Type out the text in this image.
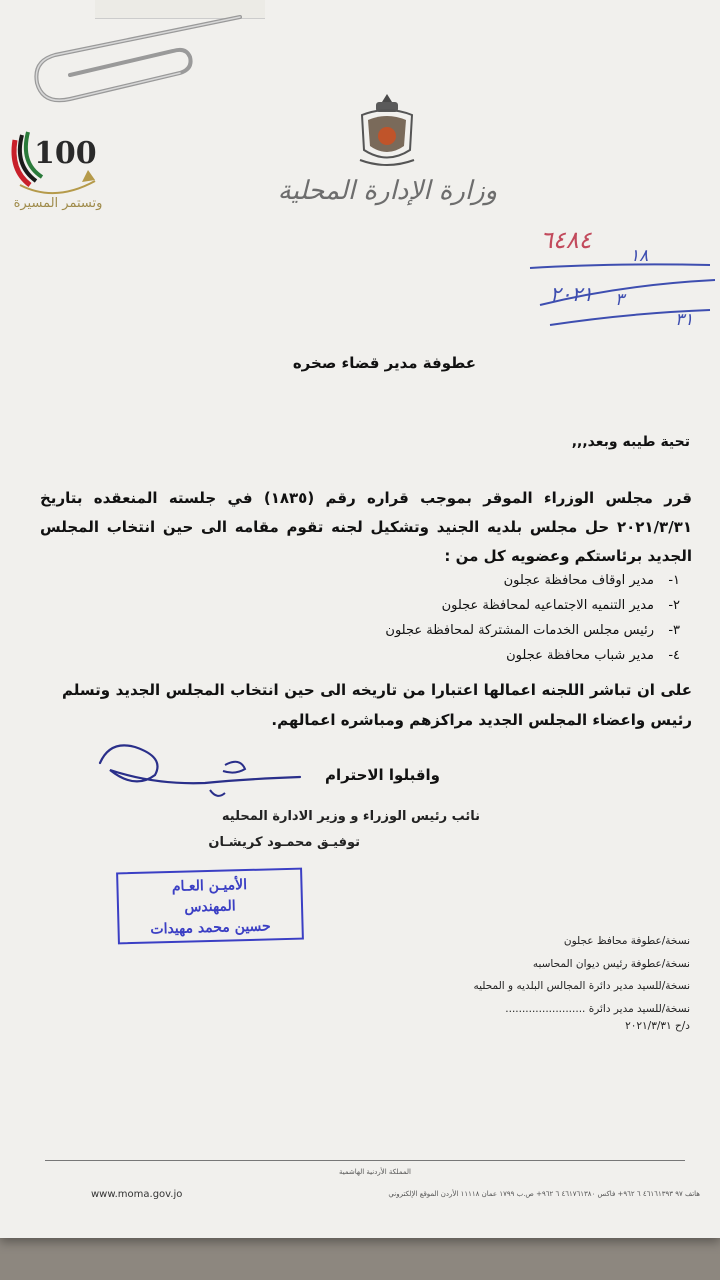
100
وتستمر المسيرة	وزارة الإدارة المحلية
٦٤٨٤
١٨
٢٠٢١ ٣
٣١
عطوفة مدير قضاء صخره
تحية طيبه وبعد,,,
قرر مجلس الوزراء الموقر بموجب قراره رقم (١٨٣٥) في جلسته المنعقده بتاريخ ٢٠٢١/٣/٣١ حل مجلس بلديه الجنيد وتشكيل لجنه تقوم مقامه الى حين انتخاب المجلس الجديد برئاستكم وعضويه كل من :
١-مدير اوقاف محافظة عجلون
٢-مدير التنميه الاجتماعيه لمحافظة عجلون
٣-رئيس مجلس الخدمات المشتركة لمحافظة عجلون
٤-مدير شباب محافظة عجلون
على ان تباشر اللجنه اعمالها اعتبارا من تاريخه الى حين انتخاب المجلس الجديد وتسلم رئيس واعضاء المجلس الجديد مراكزهم ومباشره اعمالهم.
واقبلوا الاحترام
نائب رئيس الوزراء و وزير الادارة المحليه
توفيـق محمـود كريشـان
الأميـن العـام
المهندس
حسين محمد مهيدات
نسخة/عطوفة محافظ عجلون
نسخة/عطوفة رئيس ديوان المحاسبه
نسخة/للسيد مدير دائرة المجالس البلديه و المحليه
نسخة/للسيد مدير دائرة ........................
د/ح ٢٠٢١/٣/٣١
المملكة الأردنية الهاشمية
هاتف ٩٧ ٤٦١٦١٣٩٣ ٦ ٩٦٢+ فاكس ٤٦١٧٦١٣٨٠ ٦ ٩٦٢+ ص.ب ١٧٩٩ عمان ١١١١٨ الأردن الموقع الإلكتروني
www.moma.gov.jo
